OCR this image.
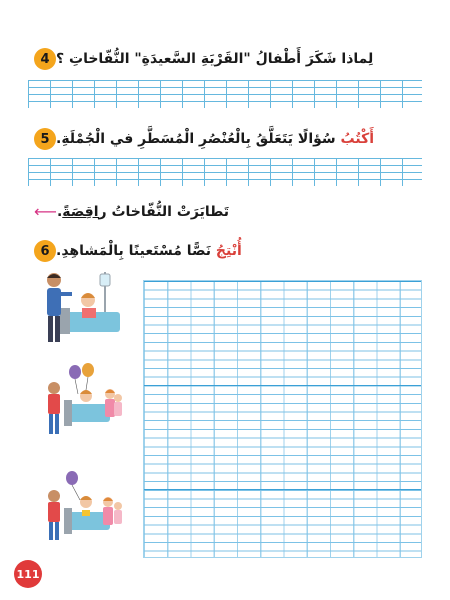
4 لِماذا شَكَرَ أَطْفالُ "القَرْيَةِ السَّعيدَةِ" النُّفّاخاتِ ؟
5	أَكْتُبُ سُؤالًا يَتَعَلَّقُ بِالْعُنْصُرِ الْمُسَطَّرِ في الْجُمْلَةِ.
⟵	تَطايَرَتْ النُّفّاخاتُ راقِصَةً.
6	أُنْتِجُ نَصًّا مُسْتَعينًا بِالْمَشاهِدِ.
111
